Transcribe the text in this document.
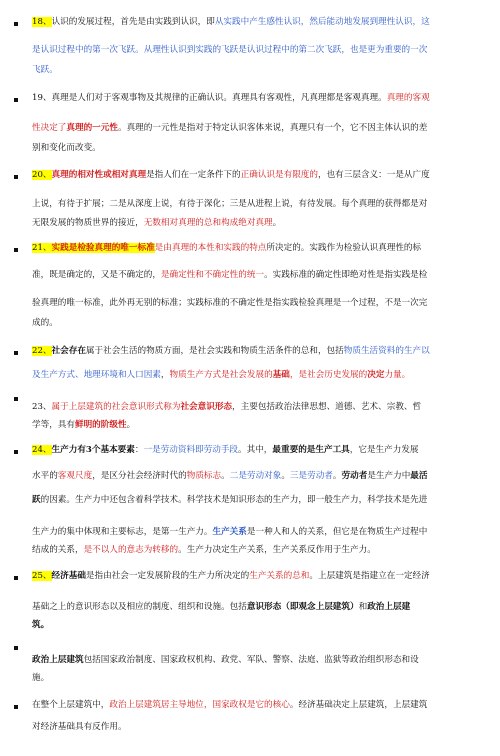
18、认识的发展过程，首先是由实践到认识，即从实践中产生感性认识，然后能动地发展到理性认识，这
是认识过程中的第一次飞跃。从理性认识到实践的飞跃是认识过程中的第二次飞跃，也是更为重要的一次
飞跃。
19、真理是人们对于客观事物及其规律的正确认识。真理具有客观性，凡真理都是客观真理。真理的客观
性决定了真理的一元性。真理的一元性是指对于特定认识客体来说，真理只有一个，它不因主体认识的差
别和变化而改变。
20、真理的相对性或相对真理是指人们在一定条件下的正确认识是有限度的，也有三层含义：一是从广度
上说，有待于扩展；二是从深度上说，有待于深化；三是从进程上说，有待发展。每个真理的获得都是对
无限发展的物质世界的接近，无数相对真理的总和构成绝对真理。
21、实践是检验真理的唯一标准是由真理的本性和实践的特点所决定的。实践作为检验认识真理性的标
准，既是确定的，又是不确定的，是确定性和不确定性的统一。实践标准的确定性即绝对性是指实践是检
验真理的唯一标准，此外再无别的标准；实践标准的不确定性是指实践检验真理是一个过程，不是一次完
成的。
22、社会存在属于社会生活的物质方面，是社会实践和物质生活条件的总和，包括物质生活资料的生产以
及生产方式、地理环境和人口因素，物质生产方式是社会发展的基础，是社会历史发展的决定力量。
23、属于上层建筑的社会意识形式称为社会意识形态，主要包括政治法律思想、道德、艺术、宗教、哲
学等，具有鲜明的阶级性。
24、生产力有3个基本要素：一是劳动资料即劳动手段。其中，最重要的是生产工具，它是生产力发展
水平的客观尺度，是区分社会经济时代的物质标志。二是劳动对象。三是劳动者。劳动者是生产力中最活
跃的因素。生产力中还包含着科学技术。科学技术是知识形态的生产力，即一般生产力，科学技术是先进
生产力的集中体现和主要标志，是第一生产力。生产关系是一种人和人的关系，但它是在物质生产过程中
结成的关系，是不以人的意志为转移的。生产力决定生产关系，生产关系反作用于生产力。
25、经济基础是指由社会一定发展阶段的生产力所决定的生产关系的总和。上层建筑是指建立在一定经济
基础之上的意识形态以及相应的制度、组织和设施。包括意识形态（即观念上层建筑）和政治上层建
筑。
政治上层建筑包括国家政治制度、国家政权机构、政党、军队、警察、法庭、监狱等政治组织形态和设
施。
在整个上层建筑中，政治上层建筑居主导地位，国家政权是它的核心。经济基础决定上层建筑，上层建筑
对经济基础具有反作用。
